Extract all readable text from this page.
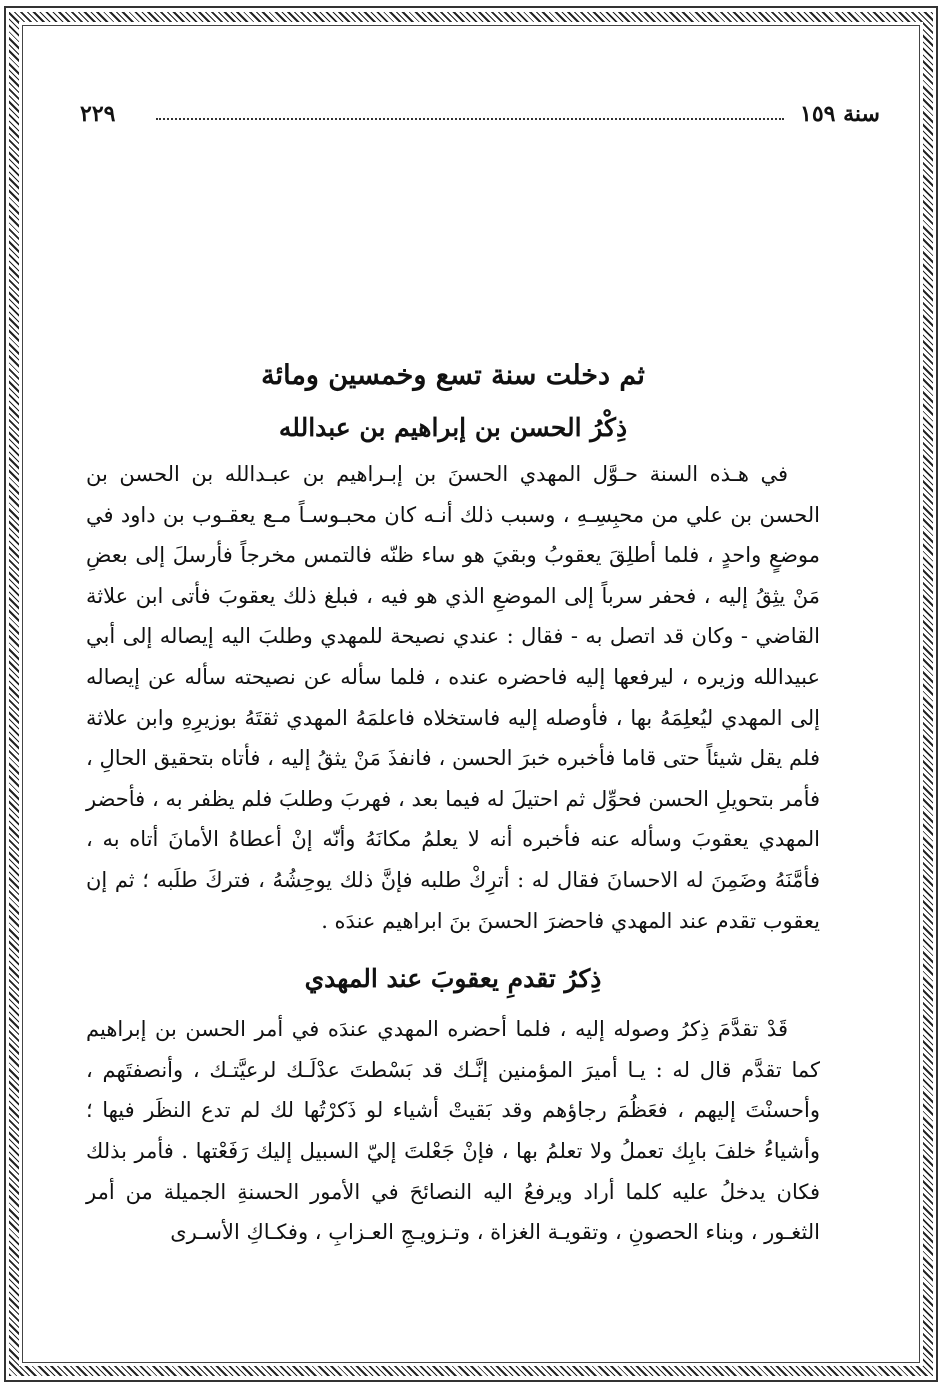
٢٢٩	سنة ١٥٩
ثم دخلت سنة تسع وخمسين ومائة
ذِكْرُ الحسن بن إبراهيم بن عبدالله

في هـذه السنة حـوَّل المهدي الحسنَ بن إبـراهيم بن عبـدالله بن الحسن بن الحسن بن علي من محبِسِـهِ ، وسبب ذلك أنـه كان محبـوسـاً مـع يعقـوب بن داود في موضعٍ واحدٍ ، فلما أطلِقَ يعقوبُ وبقيَ هو ساء ظنّه فالتمس مخرجاً فأرسلَ إلى بعضِ مَنْ يثِقُ إليه ، فحفر سرباً إلى الموضعِ الذي هو فيه ، فبلغ ذلك يعقوبَ فأتى ابن علاثة القاضي - وكان قد اتصل به - فقال : عندي نصيحة للمهدي وطلبَ اليه إيصاله إلى أبي عبيدالله وزيره ، ليرفعها إليه فاحضره عنده ، فلما سأله عن نصيحته سأله عن إيصاله إلى المهدي ليُعلِمَهُ بها ، فأوصله إليه فاستخلاه فاعلمَهُ المهدي ثقتَهُ بوزيرِهِ وابن علاثة فلم يقل شيئاً حتى قاما فأخبره خبرَ الحسن ، فانفذَ مَنْ يثقُ إليه ، فأتاه بتحقيق الحالِ ، فأمر بتحويلِ الحسن فحوِّل ثم احتيلَ له فيما بعد ، فهربَ وطلبَ فلم يظفر به ، فأحضر المهدي يعقوبَ وسأله عنه فأخبره أنه لا يعلمُ مكانَهُ وأنّه إنْ أعطاهُ الأمانَ أتاه به ، فأمَّنَهُ وضَمِنَ له الاحسانَ فقال له : أترِكْ طلبه فإنَّ ذلك يوحِشُهُ ، فتركَ طلَبه ؛ ثم إن يعقوب تقدم عند المهدي فاحضرَ الحسنَ بنَ ابراهيم عندَه .

ذِكرُ تقدمِ يعقوبَ عند المهدي

قَدْ تقدَّمَ ذِكرُ وصوله إليه ، فلما أحضره المهدي عندَه في أمر الحسن بن إبراهيم كما تقدَّم قال له : يـا أميرَ المؤمنين إنَّـك قد بَسْطتَ عدْلَـك لرعيَّتـك ، وأنصفتَهم ، وأحسنْتَ إليهم ، فعَظُمَ رجاؤهم وقد بَقيتْ أشياء لو ذَكرْتُها لك لم تدع النظَر فيها ؛ وأشياءُ خلفَ بابِك تعملُ ولا تعلمُ بها ، فإنْ جَعْلتَ إليّ السبيل إليك رَفَعْتها . فأمر بذلك فكان يدخلُ عليه كلما أراد ويرفعُ اليه النصائحَ في الأمور الحسنةِ الجميلة من أمر الثغـور ، وبناء الحصونِ ، وتقويـة الغزاة ، وتـزويـجِ العـزابِ ، وفكـاكِ الأسـرى
